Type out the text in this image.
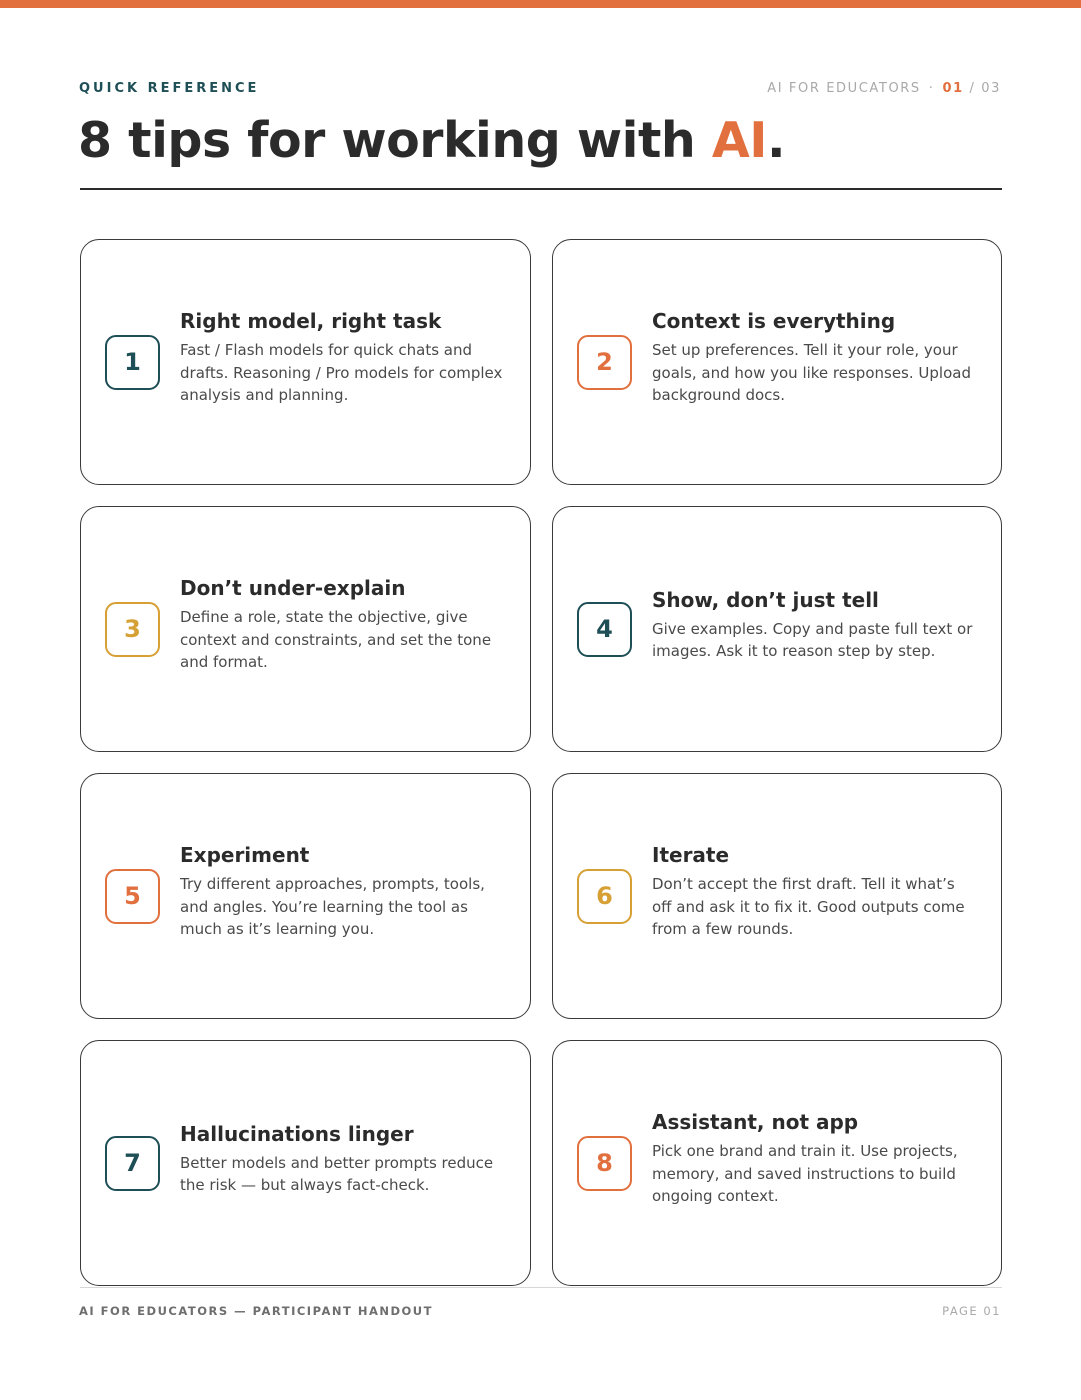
QUICK REFERENCE	AI FOR EDUCATORS · 01 / 03
8 tips for working with AI.
1
Right model, right task
Fast / Flash models for quick chats and drafts. Reasoning / Pro models for complex analysis and planning.
2
Context is everything
Set up preferences. Tell it your role, your goals, and how you like responses. Upload background docs.
3
Don’t under-explain
Define a role, state the objective, give context and constraints, and set the tone and format.
4
Show, don’t just tell
Give examples. Copy and paste full text or images. Ask it to reason step by step.
5
Experiment
Try different approaches, prompts, tools, and angles. You’re learning the tool as much as it’s learning you.
6
Iterate
Don’t accept the first draft. Tell it what’s off and ask it to fix it. Good outputs come from a few rounds.
7
Hallucinations linger
Better models and better prompts reduce the risk — but always fact-check.
8
Assistant, not app
Pick one brand and train it. Use projects, memory, and saved instructions to build ongoing context.
AI FOR EDUCATORS — PARTICIPANT HANDOUT	PAGE 01
